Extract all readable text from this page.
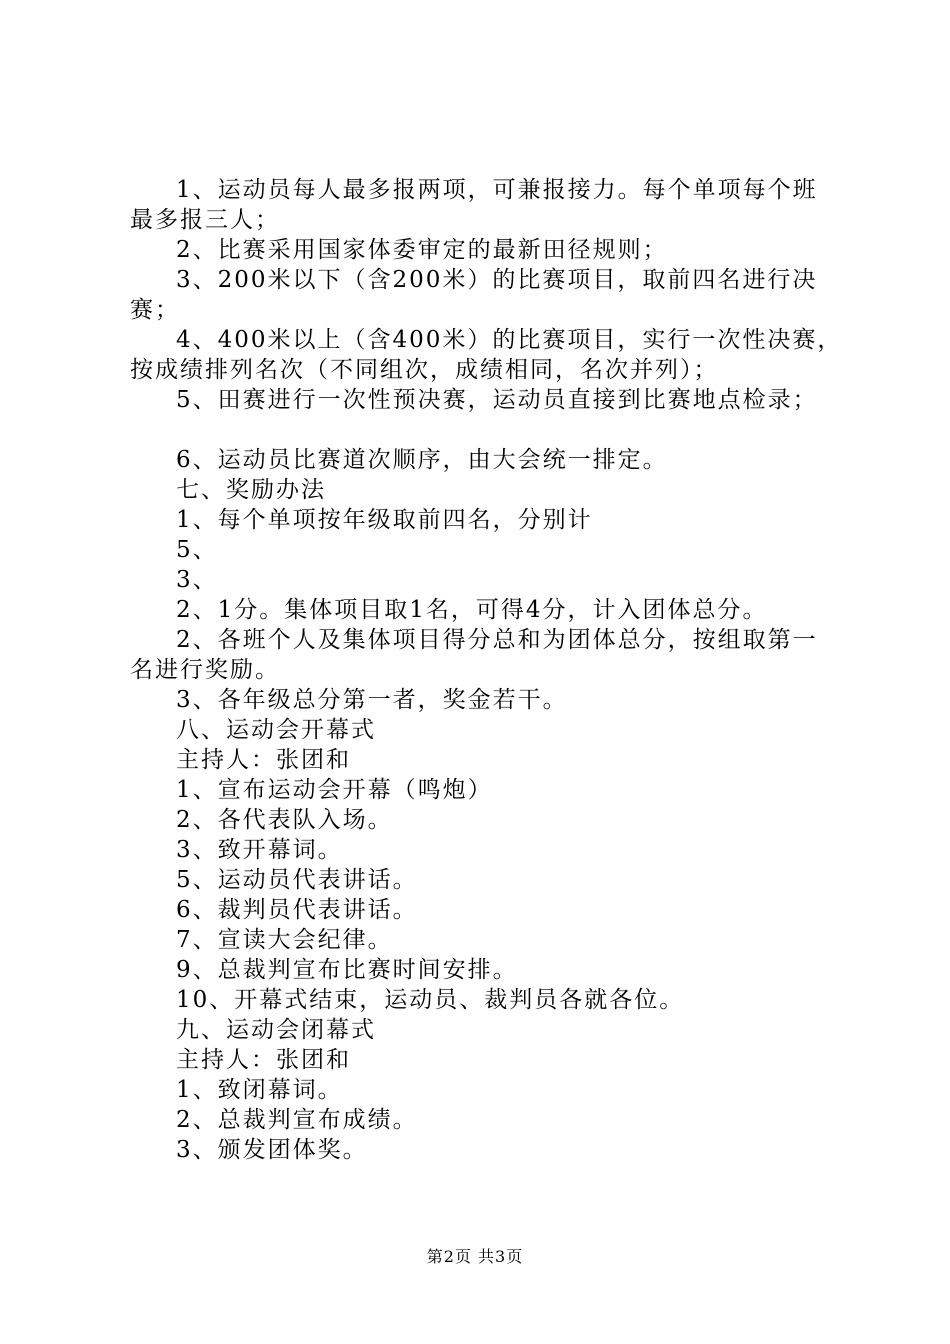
1、运动员每人最多报两项，可兼报接力。每个单项每个班

最多报三人；

2、比赛采用国家体委审定的最新田径规则；

3、200米以下（含200米）的比赛项目，取前四名进行决

赛；

4、400米以上（含400米）的比赛项目，实行一次性决赛，

按成绩排列名次（不同组次，成绩相同，名次并列）；

5、田赛进行一次性预决赛，运动员直接到比赛地点检录；

6、运动员比赛道次顺序，由大会统一排定。

七、奖励办法

1、每个单项按年级取前四名，分别计

5、

3、

2、1分。集体项目取1名，可得4分，计入团体总分。

2、各班个人及集体项目得分总和为团体总分，按组取第一

名进行奖励。

3、各年级总分第一者，奖金若干。

八、运动会开幕式

主持人：张团和

1、宣布运动会开幕（鸣炮）

2、各代表队入场。

3、致开幕词。

5、运动员代表讲话。

6、裁判员代表讲话。

7、宣读大会纪律。

9、总裁判宣布比赛时间安排。

10、开幕式结束，运动员、裁判员各就各位。

九、运动会闭幕式

主持人：张团和

1、致闭幕词。

2、总裁判宣布成绩。

3、颁发团体奖。

第2页 共3页
